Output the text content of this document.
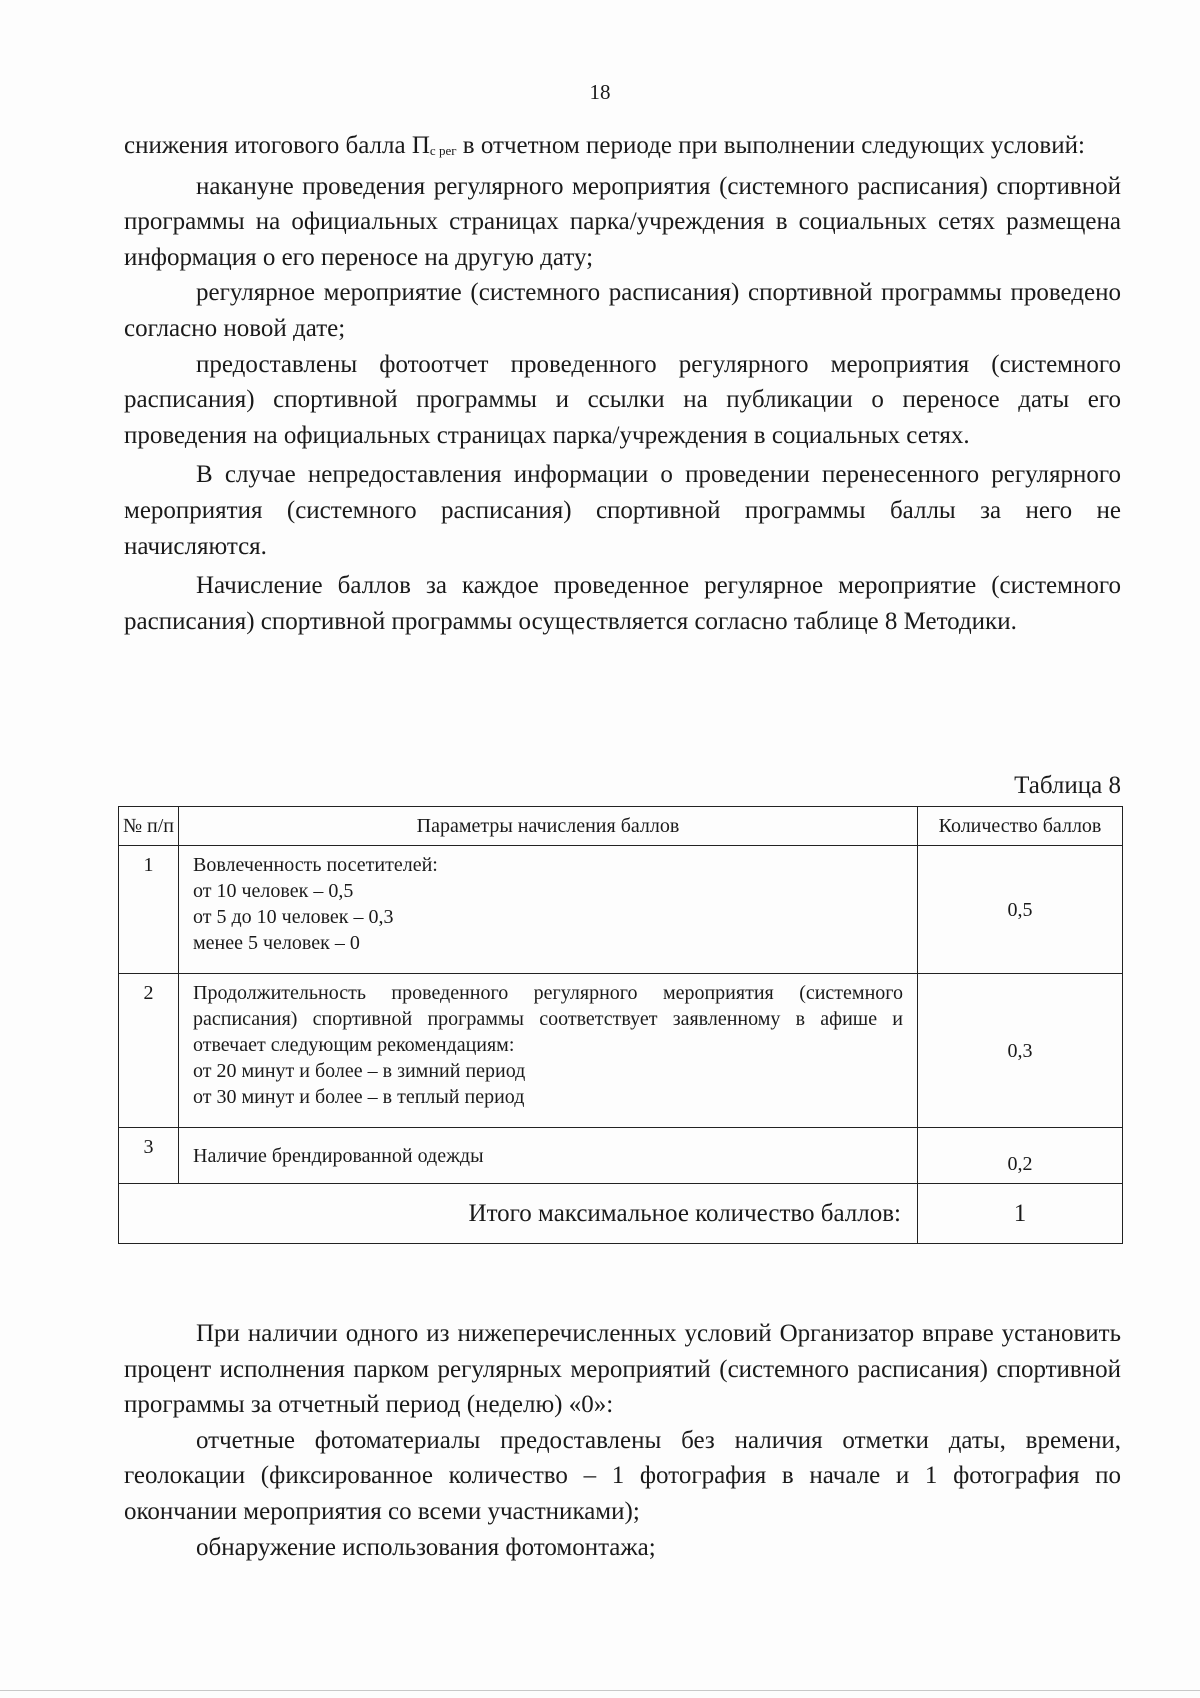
18

снижения итогового балла $П_{с рег}$ в отчетном периоде при выполнении следующих условий:

накануне проведения регулярного мероприятия (системного расписания) спортивной программы на официальных страницах парка/учреждения в социальных сетях размещена информация о его переносе на другую дату;

регулярное мероприятие (системного расписания) спортивной программы проведено согласно новой дате;

предоставлены фотоотчет проведенного регулярного мероприятия (системного расписания) спортивной программы и ссылки на публикации о переносе даты его проведения на официальных страницах парка/учреждения в социальных сетях.

В случае непредоставления информации о проведении перенесенного регулярного мероприятия (системного расписания) спортивной программы баллы за него не начисляются.

Начисление баллов за каждое проведенное регулярное мероприятие (системного расписания) спортивной программы осуществляется согласно таблице 8 Методики.

Таблица 8
№ п/п	Параметры начисления баллов	Количество баллов
1	Вовлеченность посетителей:
от 10 человек – 0,5
от 5 до 10 человек – 0,3
менее 5 человек – 0	0,5
2	Продолжительность проведенного регулярного мероприятия (системного расписания) спортивной программы соответствует заявленному в афише и отвечает следующим рекомендациям:
от 20 минут и более – в зимний период
от 30 минут и более – в теплый период	0,3
3	Наличие брендированной одежды	0,2
Итого максимальное количество баллов:		1

При наличии одного из нижеперечисленных условий Организатор вправе установить процент исполнения парком регулярных мероприятий (системного расписания) спортивной программы за отчетный период (неделю) «0»:

отчетные фотоматериалы предоставлены без наличия отметки даты, времени, геолокации (фиксированное количество – 1 фотография в начале и 1 фотография по окончании мероприятия со всеми участниками);

обнаружение использования фотомонтажа;
